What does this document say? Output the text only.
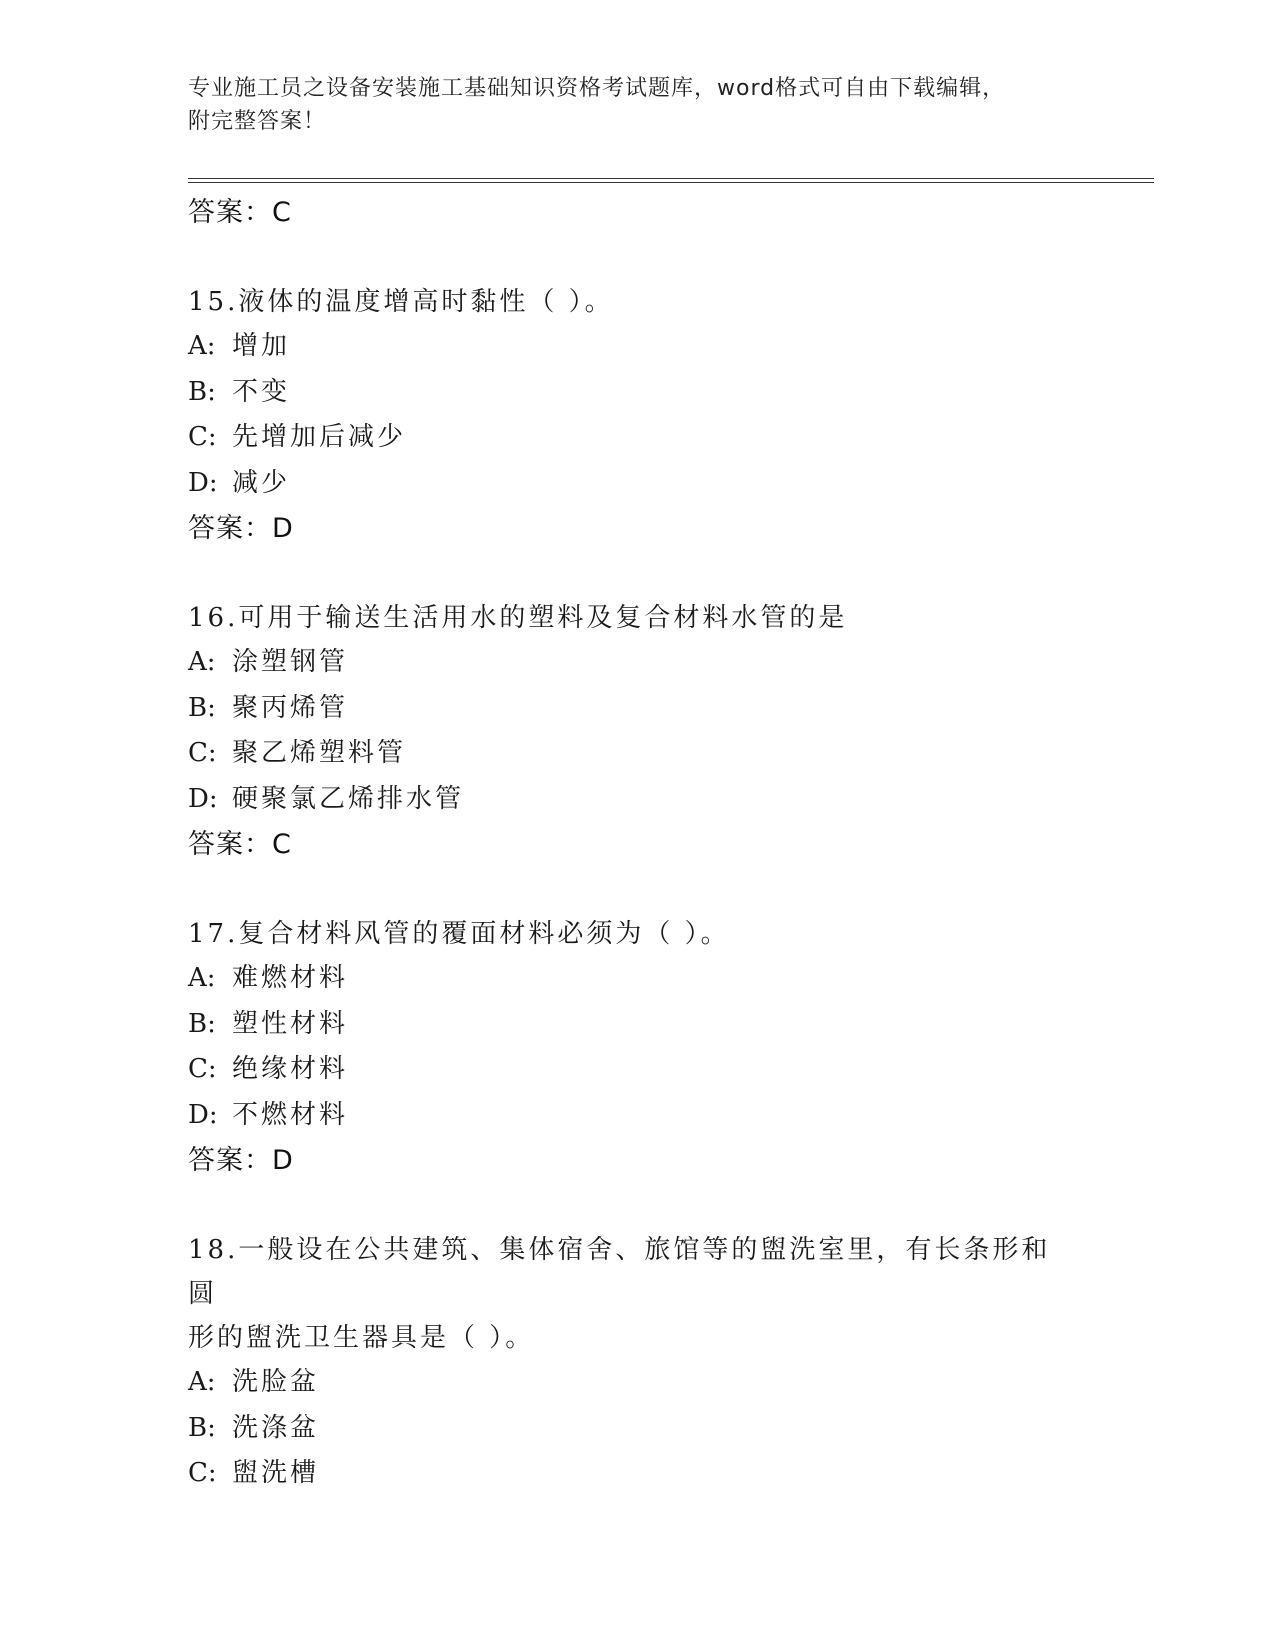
专业施工员之设备安装施工基础知识资格考试题库，word格式可自由下载编辑，
附完整答案！
答案：C
15.液体的温度增高时黏性（ ）。
A: 增加
B: 不变
C: 先增加后减少
D: 减少
答案：D
16.可用于输送生活用水的塑料及复合材料水管的是
A: 涂塑钢管
B: 聚丙烯管
C: 聚乙烯塑料管
D: 硬聚氯乙烯排水管
答案：C
17.复合材料风管的覆面材料必须为（ ）。
A: 难燃材料
B: 塑性材料
C: 绝缘材料
D: 不燃材料
答案：D
18.一般设在公共建筑、集体宿舍、旅馆等的盥洗室里，有长条形和圆
形的盥洗卫生器具是（ ）。
A: 洗脸盆
B: 洗涤盆
C: 盥洗槽
